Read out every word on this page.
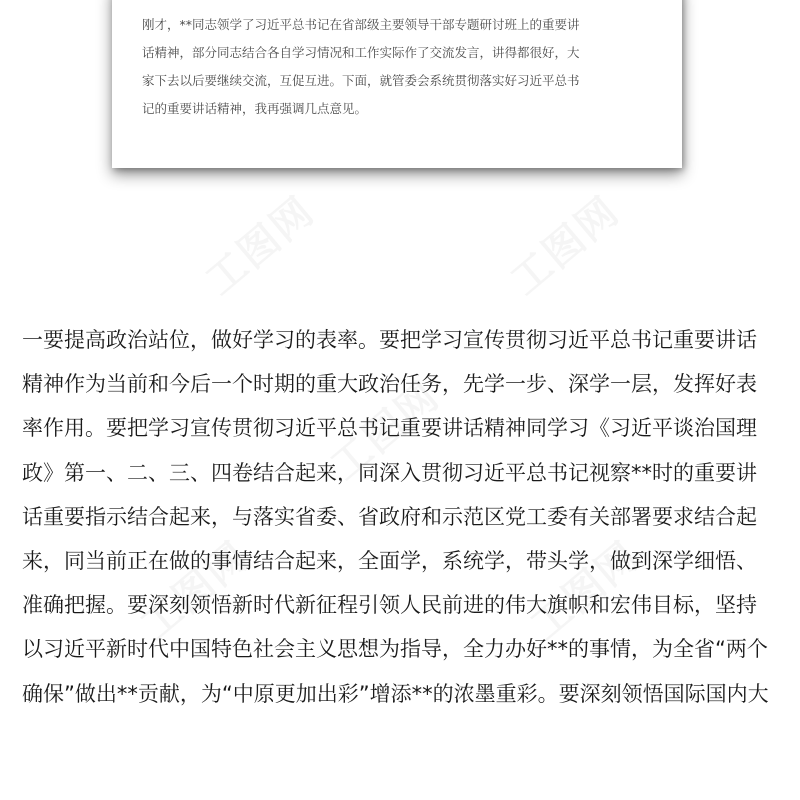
刚才，**同志领学了习近平总书记在省部级主要领导干部专题研讨班上的重要讲
话精神，部分同志结合各自学习情况和工作实际作了交流发言，讲得都很好，大
家下去以后要继续交流，互促互进。下面，就管委会系统贯彻落实好习近平总书
记的重要讲话精神，我再强调几点意见。
工图网	工图网
工图网
工图网	工图网
一要提高政治站位，做好学习的表率。要把学习宣传贯彻习近平总书记重要讲话
精神作为当前和今后一个时期的重大政治任务，先学一步、深学一层，发挥好表
率作用。要把学习宣传贯彻习近平总书记重要讲话精神同学习《习近平谈治国理
政》第一、二、三、四卷结合起来，同深入贯彻习近平总书记视察**时的重要讲
话重要指示结合起来，与落实省委、省政府和示范区党工委有关部署要求结合起
来，同当前正在做的事情结合起来，全面学，系统学，带头学，做到深学细悟、
准确把握。要深刻领悟新时代新征程引领人民前进的伟大旗帜和宏伟目标，坚持
以习近平新时代中国特色社会主义思想为指导，全力办好**的事情，为全省“两个
确保”做出**贡献，为“中原更加出彩”增添**的浓墨重彩。要深刻领悟国际国内大
